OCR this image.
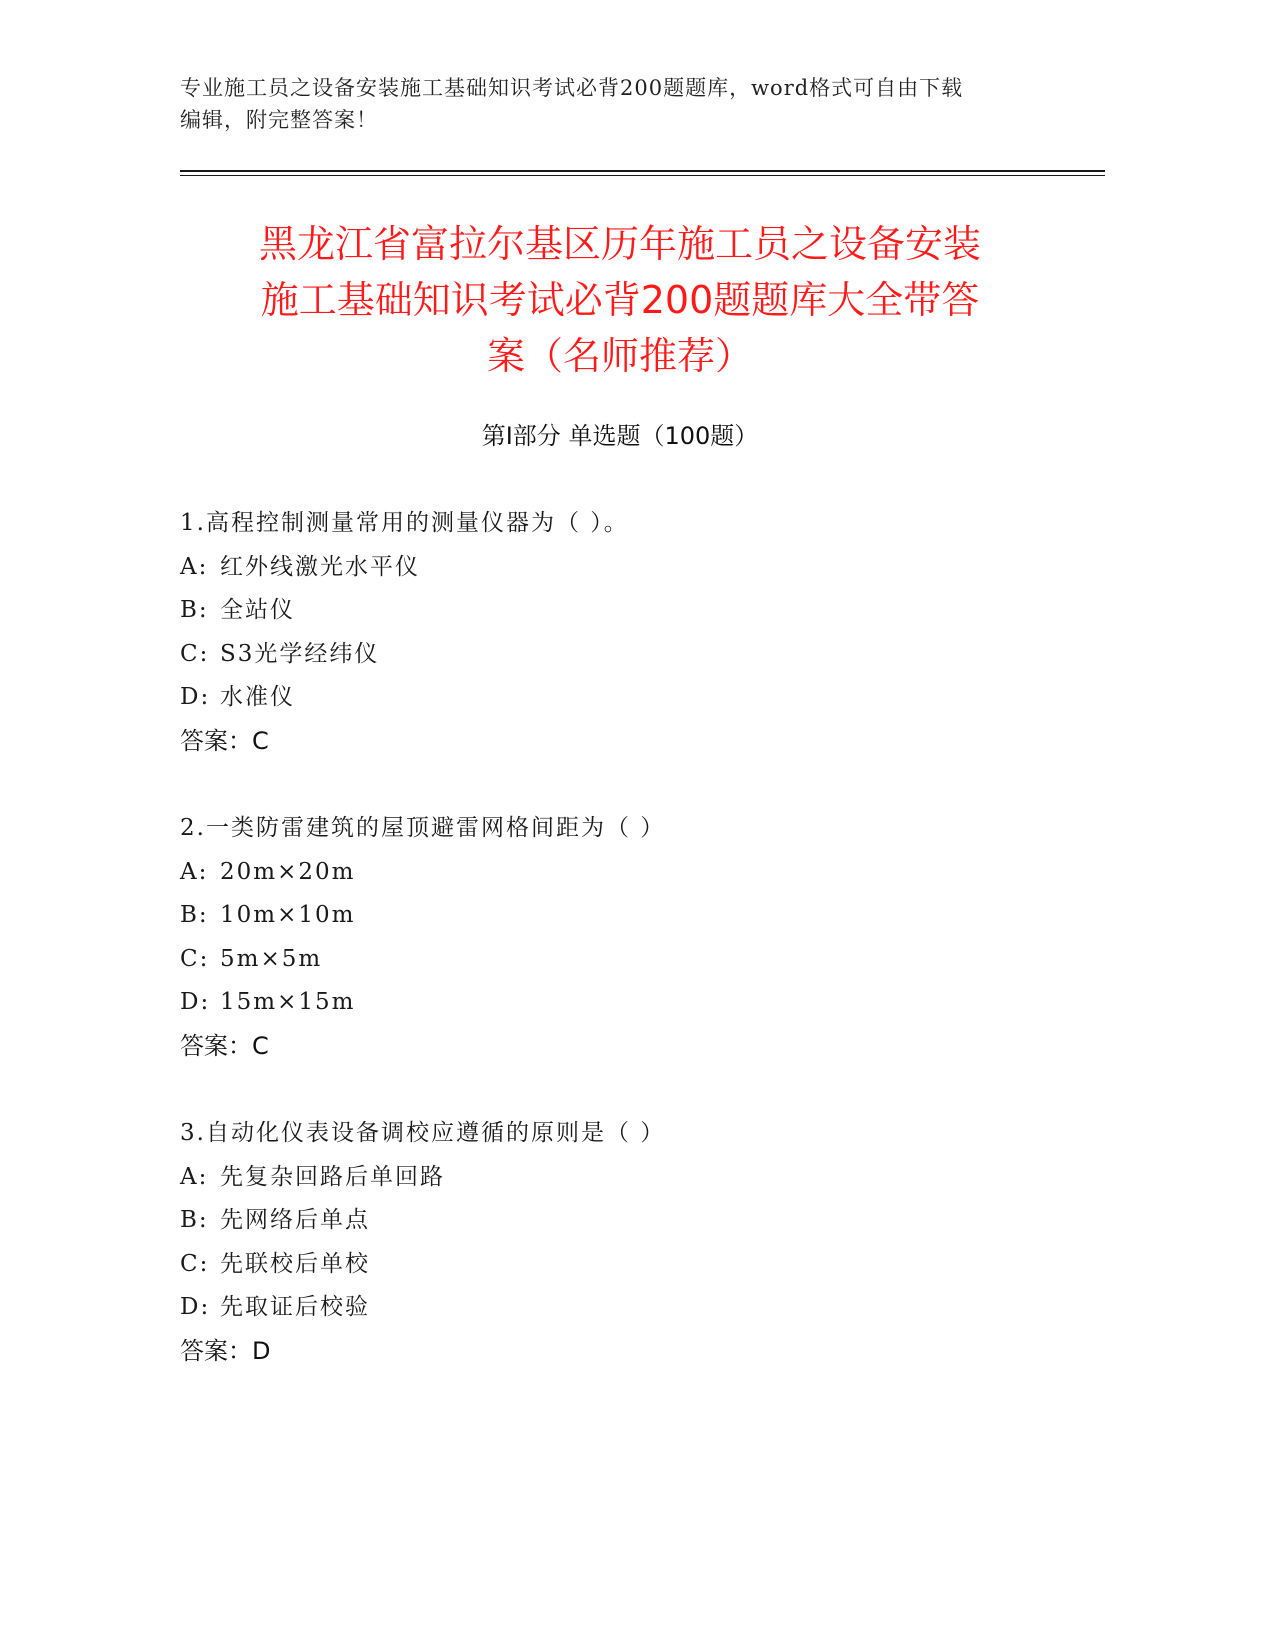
专业施工员之设备安装施工基础知识考试必背200题题库，word格式可自由下载
编辑，附完整答案！
黑龙江省富拉尔基区历年施工员之设备安装
施工基础知识考试必背200题题库大全带答
案（名师推荐）
第Ⅰ部分 单选题（100题）
1.高程控制测量常用的测量仪器为（ ）。
A: 红外线激光水平仪
B: 全站仪
C: S3光学经纬仪
D: 水准仪
答案：C
2.一类防雷建筑的屋顶避雷网格间距为（ ）
A: 20m×20m
B: 10m×10m
C: 5m×5m
D: 15m×15m
答案：C
3.自动化仪表设备调校应遵循的原则是（ ）
A: 先复杂回路后单回路
B: 先网络后单点
C: 先联校后单校
D: 先取证后校验
答案：D
